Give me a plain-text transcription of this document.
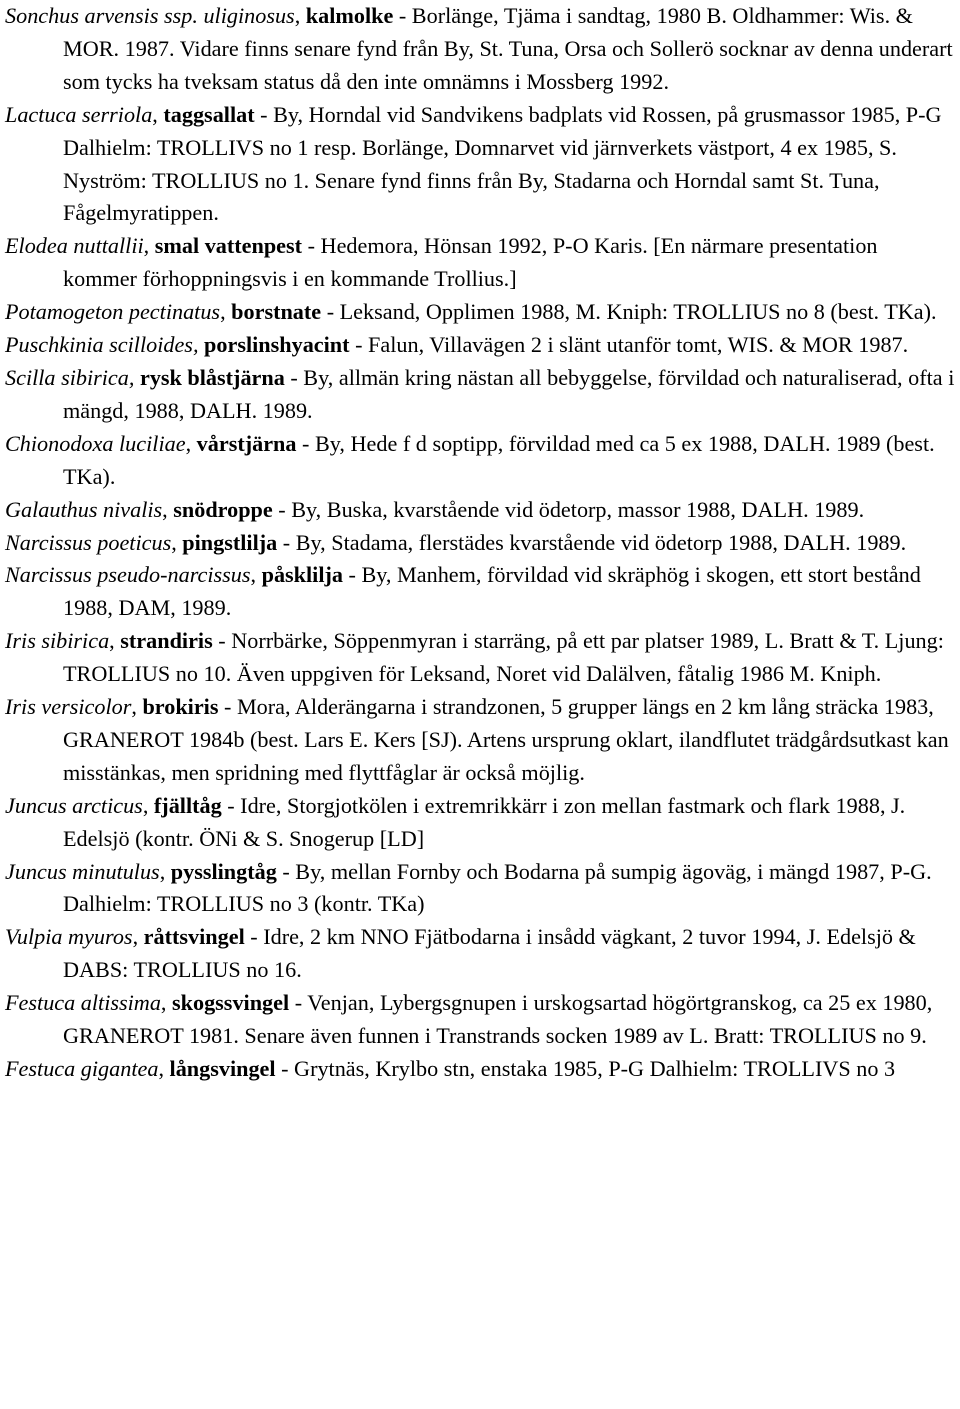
Sonchus arvensis ssp. uliginosus, kalmolke - Borlänge, Tjäma i sandtag, 1980 B. Oldhammer: Wis. & MOR. 1987. Vidare finns senare fynd från By, St. Tuna, Orsa och Sollerö socknar av denna underart som tycks ha tveksam status då den inte omnämns i Mossberg 1992.

Lactuca serriola, taggsallat - By, Horndal vid Sandvikens badplats vid Rossen, på grusmassor 1985, P-G Dalhielm: TROLLIVS no 1 resp. Borlänge, Domnarvet vid järnverkets västport, 4 ex 1985, S. Nyström: TROLLIUS no 1. Senare fynd finns från By, Stadarna och Horndal samt St. Tuna, Fågelmyratippen.

Elodea nuttallii, smal vattenpest - Hedemora, Hönsan 1992, P-O Karis. [En närmare presentation kommer förhoppningsvis i en kommande Trollius.]

Potamogeton pectinatus, borstnate - Leksand, Opplimen 1988, M. Kniph: TROLLIUS no 8 (best. TKa).

Puschkinia scilloides, porslinshyacint - Falun, Villavägen 2 i slänt utanför tomt, WIS. & MOR 1987.

Scilla sibirica, rysk blåstjärna - By, allmän kring nästan all bebyggelse, förvildad och naturaliserad, ofta i mängd, 1988, DALH. 1989.

Chionodoxa luciliae, vårstjärna - By, Hede f d soptipp, förvildad med ca 5 ex 1988, DALH. 1989 (best. TKa).

Galauthus nivalis, snödroppe - By, Buska, kvarstående vid ödetorp, massor 1988, DALH. 1989.

Narcissus poeticus, pingstlilja - By, Stadama, flerstädes kvarstående vid ödetorp 1988, DALH. 1989.

Narcissus pseudo-narcissus, påsklilja - By, Manhem, förvildad vid skräphög i skogen, ett stort bestånd 1988, DAM, 1989.

Iris sibirica, strandiris - Norrbärke, Söppenmyran i starräng, på ett par platser 1989, L. Bratt & T. Ljung: TROLLIUS no 10. Även uppgiven för Leksand, Noret vid Dalälven, fåtalig 1986 M. Kniph.

Iris versicolor, brokiris - Mora, Alderängarna i strandzonen, 5 grupper längs en 2 km lång sträcka 1983, GRANEROT 1984b (best. Lars E. Kers [SJ). Artens ursprung oklart, ilandflutet trädgårdsutkast kan misstänkas, men spridning med flyttfåglar är också möjlig.

Juncus arcticus, fjälltåg - Idre, Storgjotkölen i extremrikkärr i zon mellan fastmark och flark 1988, J. Edelsjö (kontr. ÖNi & S. Snogerup [LD]

Juncus minutulus, pysslingtåg - By, mellan Fornby och Bodarna på sumpig ägoväg, i mängd 1987, P-G. Dalhielm: TROLLIUS no 3 (kontr. TKa)

Vulpia myuros, råttsvingel - Idre, 2 km NNO Fjätbodarna i insådd vägkant, 2 tuvor 1994, J. Edelsjö & DABS: TROLLIUS no 16.

Festuca altissima, skogssvingel - Venjan, Lybergsgnupen i urskogsartad högörtgranskog, ca 25 ex 1980, GRANEROT 1981. Senare även funnen i Transtrands socken 1989 av L. Bratt: TROLLIUS no 9.

Festuca gigantea, långsvingel - Grytnäs, Krylbo stn, enstaka 1985, P-G Dalhielm: TROLLIVS no 3
